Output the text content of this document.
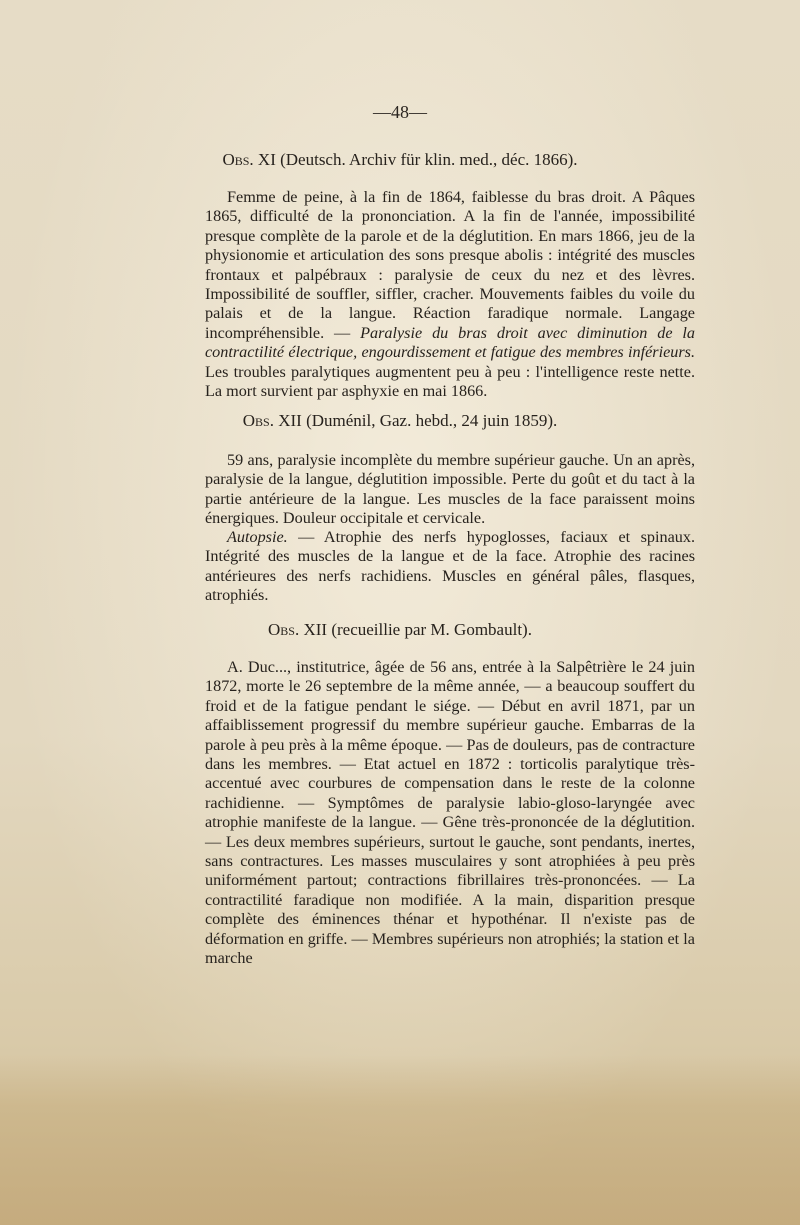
—48—
Obs. XI (Deutsch. Archiv für klin. med., déc. 1866).
Femme de peine, à la fin de 1864, faiblesse du bras droit. A Pâques 1865, difficulté de la prononciation. A la fin de l'année, impossibilité presque complète de la parole et de la déglutition. En mars 1866, jeu de la physionomie et articulation des sons presque abolis : intégrité des muscles frontaux et palpébraux : paralysie de ceux du nez et des lèvres. Impossibilité de souffler, siffler, cracher. Mouvements faibles du voile du palais et de la langue. Réaction faradique normale. Langage incompréhensible. — Paralysie du bras droit avec diminution de la contractilité électrique, engourdissement et fatigue des membres inférieurs. Les troubles paralytiques augmentent peu à peu : l'intelligence reste nette. La mort survient par asphyxie en mai 1866.
Obs. XII (Duménil, Gaz. hebd., 24 juin 1859).
59 ans, paralysie incomplète du membre supérieur gauche. Un an après, paralysie de la langue, déglutition impossible. Perte du goût et du tact à la partie antérieure de la langue. Les muscles de la face paraissent moins énergiques. Douleur occipitale et cervicale.
Autopsie. — Atrophie des nerfs hypoglosses, faciaux et spinaux. Intégrité des muscles de la langue et de la face. Atrophie des racines antérieures des nerfs rachidiens. Muscles en général pâles, flasques, atrophiés.
Obs. XII (recueillie par M. Gombault).
A. Duc..., institutrice, âgée de 56 ans, entrée à la Salpêtrière le 24 juin 1872, morte le 26 septembre de la même année, — a beaucoup souffert du froid et de la fatigue pendant le siége. — Début en avril 1871, par un affaiblissement progressif du membre supérieur gauche. Embarras de la parole à peu près à la même époque. — Pas de douleurs, pas de contracture dans les membres. — Etat actuel en 1872 : torticolis paralytique très-accentué avec courbures de compensation dans le reste de la colonne rachidienne. — Symptômes de paralysie labio-gloso-laryngée avec atrophie manifeste de la langue. — Gêne très-prononcée de la déglutition. — Les deux membres supérieurs, surtout le gauche, sont pendants, inertes, sans contractures. Les masses musculaires y sont atrophiées à peu près uniformément partout; contractions fibrillaires très-prononcées. — La contractilité faradique non modifiée. A la main, disparition presque complète des éminences thénar et hypothénar. Il n'existe pas de déformation en griffe. — Membres supérieurs non atrophiés; la station et la marche
